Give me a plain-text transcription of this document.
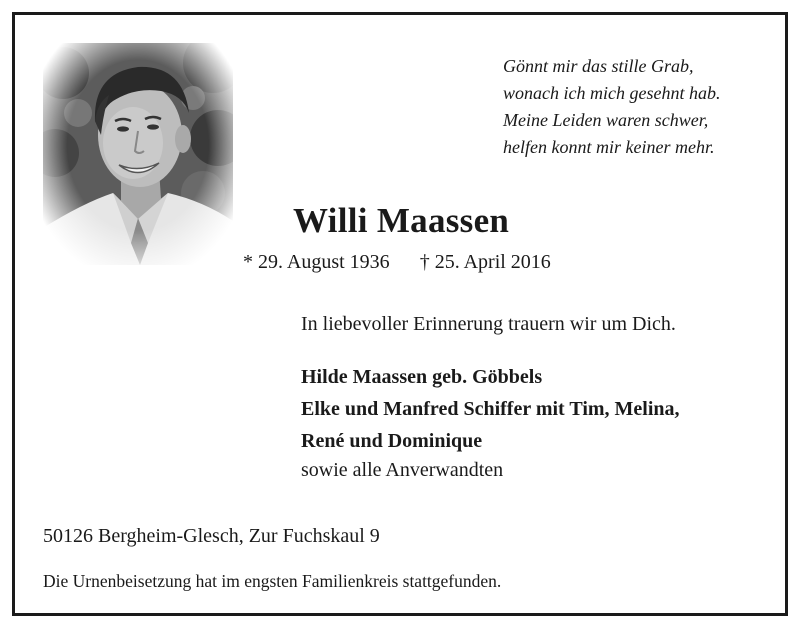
Gönnt mir das stille Grab,
wonach ich mich gesehnt hab.
Meine Leiden waren schwer,
helfen konnt mir keiner mehr.
Willi Maassen
* 29. August 1936 † 25. April 2016
In liebevoller Erinnerung trauern wir um Dich.
Hilde Maassen geb. Göbbels
Elke und Manfred Schiffer mit Tim, Melina,
René und Dominique
sowie alle Anverwandten
50126 Bergheim-Glesch, Zur Fuchskaul 9
Die Urnenbeisetzung hat im engsten Familienkreis stattgefunden.
